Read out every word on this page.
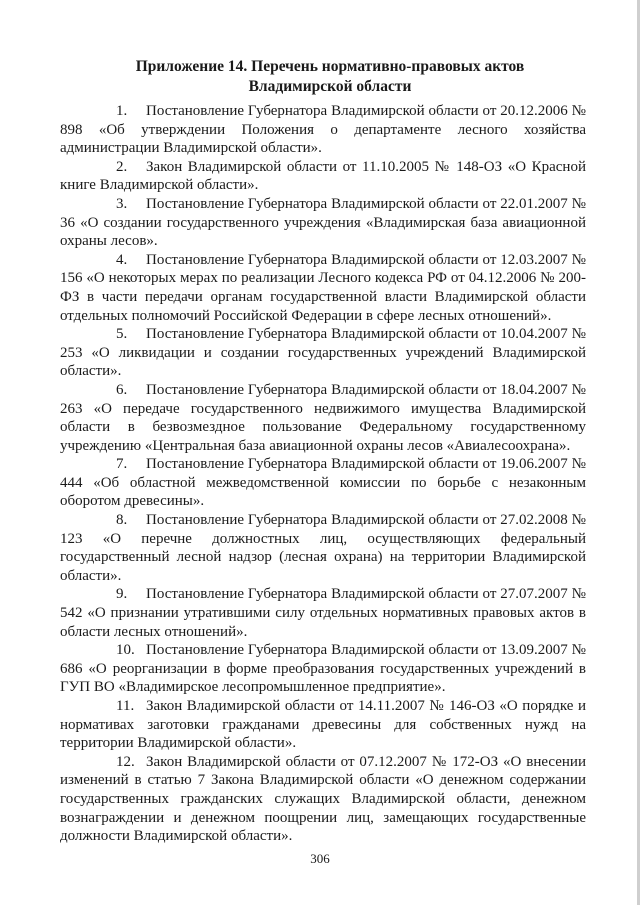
Приложение 14. Перечень нормативно-правовых актов
Владимирской области

1. Постановление Губернатора Владимирской области от 20.12.2006 № 898 «Об утверждении Положения о департаменте лесного хозяйства администрации Владимирской области».

2. Закон Владимирской области от 11.10.2005 № 148-ОЗ «О Красной книге Владимирской области».

3. Постановление Губернатора Владимирской области от 22.01.2007 № 36 «О создании государственного учреждения «Владимирская база авиационной охраны лесов».

4. Постановление Губернатора Владимирской области от 12.03.2007 № 156 «О некоторых мерах по реализации Лесного кодекса РФ от 04.12.2006 № 200-ФЗ в части передачи органам государственной власти Владимирской области отдельных полномочий Российской Федерации в сфере лесных отношений».

5. Постановление Губернатора Владимирской области от 10.04.2007 № 253 «О ликвидации и создании государственных учреждений Владимирской области».

6. Постановление Губернатора Владимирской области от 18.04.2007 № 263 «О передаче государственного недвижимого имущества Владимирской области в безвозмездное пользование Федеральному государственному учреждению «Центральная база авиационной охраны лесов «Авиалесоохрана».

7. Постановление Губернатора Владимирской области от 19.06.2007 № 444 «Об областной межведомственной комиссии по борьбе с незаконным оборотом древесины».

8. Постановление Губернатора Владимирской области от 27.02.2008 № 123 «О перечне должностных лиц, осуществляющих федеральный государственный лесной надзор (лесная охрана) на территории Владимирской области».

9. Постановление Губернатора Владимирской области от 27.07.2007 № 542 «О признании утратившими силу отдельных нормативных правовых актов в области лесных отношений».

10. Постановление Губернатора Владимирской области от 13.09.2007 № 686 «О реорганизации в форме преобразования государственных учреждений в ГУП ВО «Владимирское лесопромышленное предприятие».

11. Закон Владимирской области от 14.11.2007 № 146-ОЗ «О порядке и нормативах заготовки гражданами древесины для собственных нужд на территории Владимирской области».

12. Закон Владимирской области от 07.12.2007 № 172-ОЗ «О внесении изменений в статью 7 Закона Владимирской области «О денежном содержании государственных гражданских служащих Владимирской области, денежном вознаграждении и денежном поощрении лиц, замещающих государственные должности Владимирской области».

306
